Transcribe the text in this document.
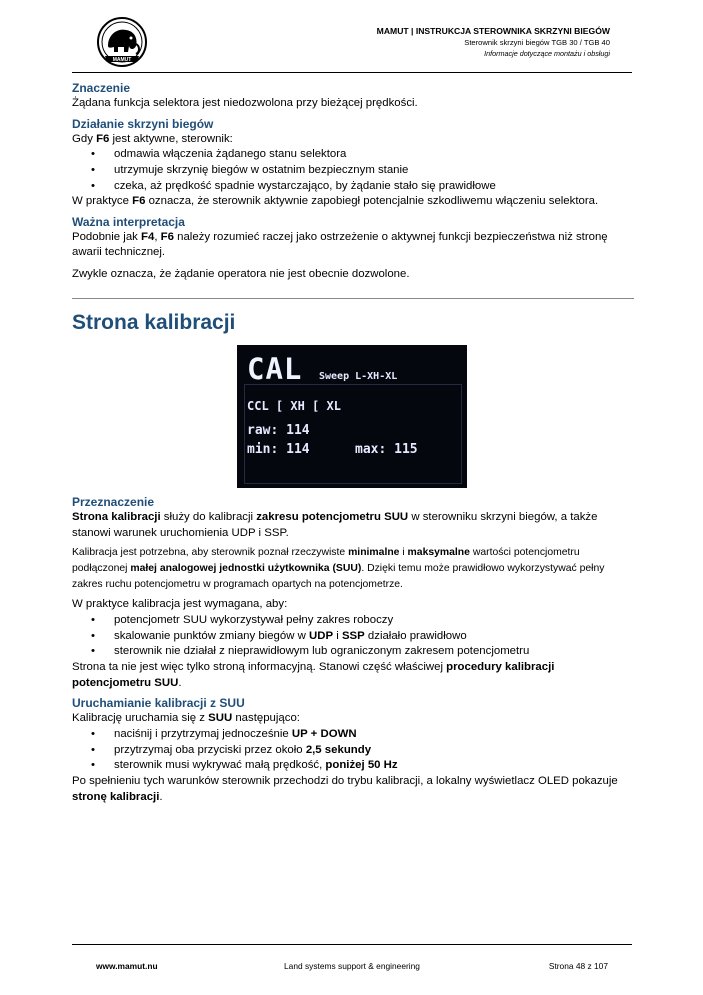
MAMUT
MAMUT | INSTRUKCJA STEROWNIKA SKRZYNI BIEGÓW
Sterownik skrzyni biegów TGB 30 / TGB 40
Informacje dotyczące montażu i obsługi
Znaczenie

Żądana funkcja selektora jest niedozwolona przy bieżącej prędkości.

Działanie skrzyni biegów

Gdy F6 jest aktywne, sterownik:

• odmawia włączenia żądanego stanu selektora
• utrzymuje skrzynię biegów w ostatnim bezpiecznym stanie
• czeka, aż prędkość spadnie wystarczająco, by żądanie stało się prawidłowe

W praktyce F6 oznacza, że sterownik aktywnie zapobiegł potencjalnie szkodliwemu włączeniu selektora.

Ważna interpretacja

Podobnie jak F4, F6 należy rozumieć raczej jako ostrzeżenie o aktywnej funkcji bezpieczeństwa niż stronę awarii technicznej.

Zwykle oznacza, że żądanie operatora nie jest obecnie dozwolone.

Strona kalibracji
CAL Sweep L-XH-XL
CCL [ XH [ XL
raw: 114
min: 114	max: 115
Przeznaczenie

Strona kalibracji służy do kalibracji zakresu potencjometru SUU w sterowniku skrzyni biegów, a także stanowi warunek uruchomienia UDP i SSP.

Kalibracja jest potrzebna, aby sterownik poznał rzeczywiste minimalne i maksymalne wartości potencjometru podłączonej małej analogowej jednostki użytkownika (SUU). Dzięki temu może prawidłowo wykorzystywać pełny zakres ruchu potencjometru w programach opartych na potencjometrze.

W praktyce kalibracja jest wymagana, aby:

• potencjometr SUU wykorzystywał pełny zakres roboczy
• skalowanie punktów zmiany biegów w UDP i SSP działało prawidłowo
• sterownik nie działał z nieprawidłowym lub ograniczonym zakresem potencjometru

Strona ta nie jest więc tylko stroną informacyjną. Stanowi część właściwej procedury kalibracji potencjometru SUU.

Uruchamianie kalibracji z SUU

Kalibrację uruchamia się z SUU następująco:

• naciśnij i przytrzymaj jednocześnie UP + DOWN
• przytrzymaj oba przyciski przez około 2,5 sekundy
• sterownik musi wykrywać małą prędkość, poniżej 50 Hz

Po spełnieniu tych warunków sterownik przechodzi do trybu kalibracji, a lokalny wyświetlacz OLED pokazuje stronę kalibracji.

www.mamut.nu	Land systems support & engineering	Strona 48 z 107
